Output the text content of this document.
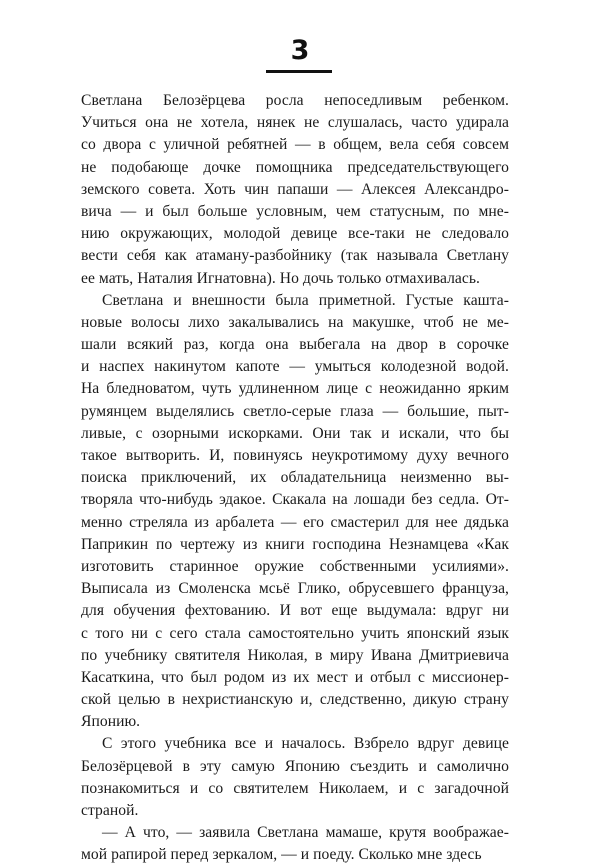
3
Светлана Белозёрцева росла непоседливым ребенком.
Учиться она не хотела, нянек не слушалась, часто удирала
со двора с уличной ребятней — в общем, вела себя совсем
не подобающе дочке помощника председательствующего
земского совета. Хоть чин папаши — Алексея Александро-
вича — и был больше условным, чем статусным, по мне-
нию окружающих, молодой девице все-таки не следовало
вести себя как атаману-разбойнику (так называла Светлану
ее мать, Наталия Игнатовна). Но дочь только отмахивалась.
Светлана и внешности была приметной. Густые кашта-
новые волосы лихо закалывались на макушке, чтоб не ме-
шали всякий раз, когда она выбегала на двор в сорочке
и наспех накинутом капоте — умыться колодезной водой.
На бледноватом, чуть удлиненном лице с неожиданно ярким
румянцем выделялись светло-серые глаза — большие, пыт-
ливые, с озорными искорками. Они так и искали, что бы
такое вытворить. И, повинуясь неукротимому духу вечного
поиска приключений, их обладательница неизменно вы-
творяла что-нибудь эдакое. Скакала на лошади без седла. От-
менно стреляла из арбалета — его смастерил для нее дядька
Паприкин по чертежу из книги господина Незнамцева «Как
изготовить старинное оружие собственными усилиями».
Выписала из Смоленска мсьё Глико, обрусевшего француза,
для обучения фехтованию. И вот еще выдумала: вдруг ни
с того ни с сего стала самостоятельно учить японский язык
по учебнику святителя Николая, в миру Ивана Дмитриевича
Касаткина, что был родом из их мест и отбыл с миссионер-
ской целью в нехристианскую и, следственно, дикую страну
Японию.
С этого учебника все и началось. Взбрело вдруг девице
Белозёрцевой в эту самую Японию съездить и самолично
познакомиться и со святителем Николаем, и с загадочной
страной.
— А что, — заявила Светлана мамаше, крутя воображае-
мой рапирой перед зеркалом, — и поеду. Сколько мне здесь
